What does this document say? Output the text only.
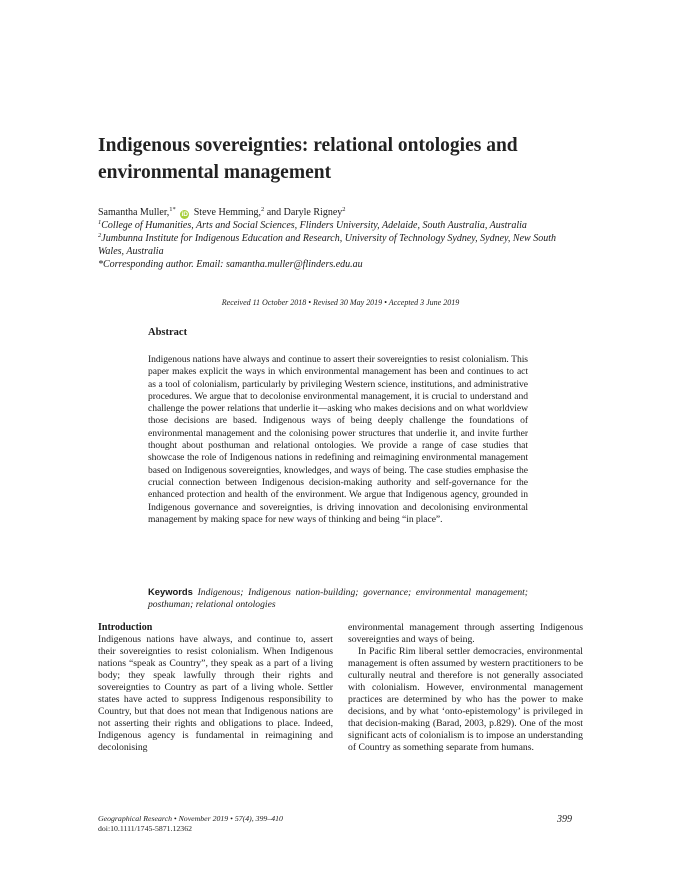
Indigenous sovereignties: relational ontologies and environmental management

Samantha Muller,$^{1*}$ iD Steve Hemming,$^2$ and Daryle Rigney$^2$

$^1$College of Humanities, Arts and Social Sciences, Flinders University, Adelaide, South Australia, Australia

$^2$Jumbunna Institute for Indigenous Education and Research, University of Technology Sydney, Sydney, New South Wales, Australia

*Corresponding author. Email: samantha.muller@flinders.edu.au

Received 11 October 2018 • Revised 30 May 2019 • Accepted 3 June 2019

Abstract

Indigenous nations have always and continue to assert their sovereignties to resist colonialism. This paper makes explicit the ways in which environmental management has been and continues to act as a tool of colonialism, particularly by privileging Western science, institutions, and administrative procedures. We argue that to decolonise environmental management, it is crucial to understand and challenge the power relations that underlie it—asking who makes decisions and on what worldview those decisions are based. Indigenous ways of being deeply challenge the foundations of environmental management and the colonising power structures that underlie it, and invite further thought about posthuman and relational ontologies. We provide a range of case studies that showcase the role of Indigenous nations in redefining and reimagining environmental management based on Indigenous sovereignties, knowledges, and ways of being. The case studies emphasise the crucial connection between Indigenous decision-making authority and self-governance for the enhanced protection and health of the environment. We argue that Indigenous agency, grounded in Indigenous governance and sovereignties, is driving innovation and decolonising environmental management by making space for new ways of thinking and being “in place”.

Keywords Indigenous; Indigenous nation-building; governance; environmental management; posthuman; relational ontologies

Introduction

Indigenous nations have always, and continue to, assert their sovereignties to resist colonialism. When Indigenous nations “speak as Country”, they speak as a part of a living body; they speak lawfully through their rights and sovereignties to Country as part of a living whole. Settler states have acted to suppress Indigenous responsibility to Country, but that does not mean that Indigenous nations are not asserting their rights and obligations to place. Indeed, Indigenous agency is fundamental in reimagining and decolonising

environmental management through asserting Indigenous sovereignties and ways of being.

In Pacific Rim liberal settler democracies, environmental management is often assumed by western practitioners to be culturally neutral and therefore is not generally associated with colonialism. However, environmental management practices are determined by who has the power to make decisions, and by what ‘onto-epistemology’ is privileged in that decision-making (Barad, 2003, p.829). One of the most significant acts of colonialism is to impose an understanding of Country as something separate from humans.

Geographical Research • November 2019 • 57(4), 399–410

doi:10.1111/1745-5871.12362

399
